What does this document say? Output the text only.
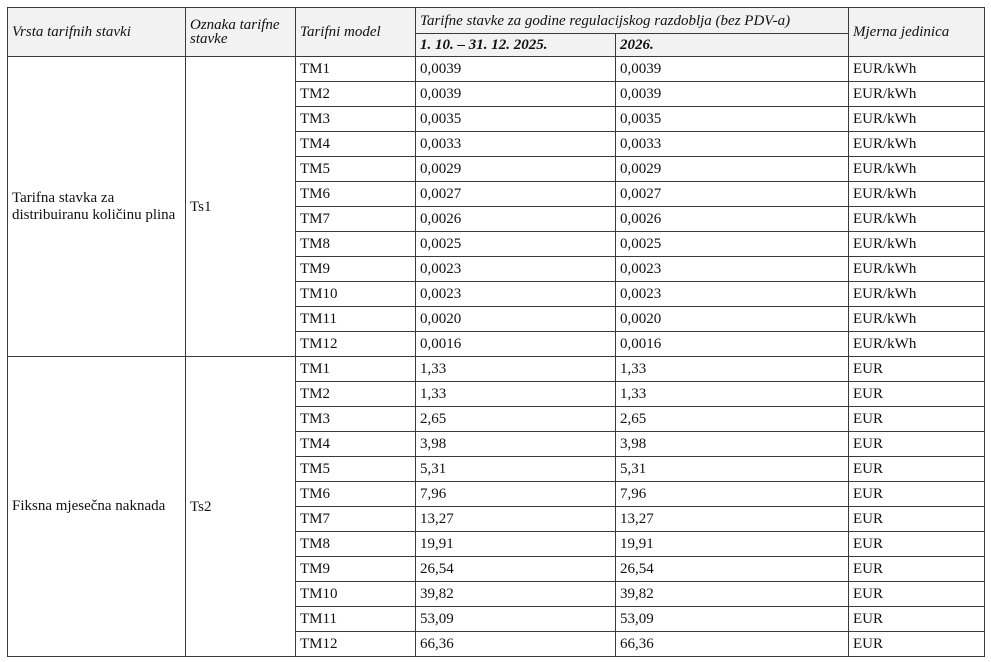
Vrsta tarifnih stavki	Oznaka tarifne stavke	Tarifni model	Tarifne stavke za godine regulacijskog razdoblja (bez PDV-a)		Mjerna jedinica
			1. 10. – 31. 12. 2025.	2026.	
Tarifna stavka za distribuiranu količinu plina	Ts1	TM1	0,0039	0,0039	EUR/kWh
		TM2	0,0039	0,0039	EUR/kWh
		TM3	0,0035	0,0035	EUR/kWh
		TM4	0,0033	0,0033	EUR/kWh
		TM5	0,0029	0,0029	EUR/kWh
		TM6	0,0027	0,0027	EUR/kWh
		TM7	0,0026	0,0026	EUR/kWh
		TM8	0,0025	0,0025	EUR/kWh
		TM9	0,0023	0,0023	EUR/kWh
		TM10	0,0023	0,0023	EUR/kWh
		TM11	0,0020	0,0020	EUR/kWh
		TM12	0,0016	0,0016	EUR/kWh
Fiksna mjesečna naknada	Ts2	TM1	1,33	1,33	EUR
		TM2	1,33	1,33	EUR
		TM3	2,65	2,65	EUR
		TM4	3,98	3,98	EUR
		TM5	5,31	5,31	EUR
		TM6	7,96	7,96	EUR
		TM7	13,27	13,27	EUR
		TM8	19,91	19,91	EUR
		TM9	26,54	26,54	EUR
		TM10	39,82	39,82	EUR
		TM11	53,09	53,09	EUR
		TM12	66,36	66,36	EUR
